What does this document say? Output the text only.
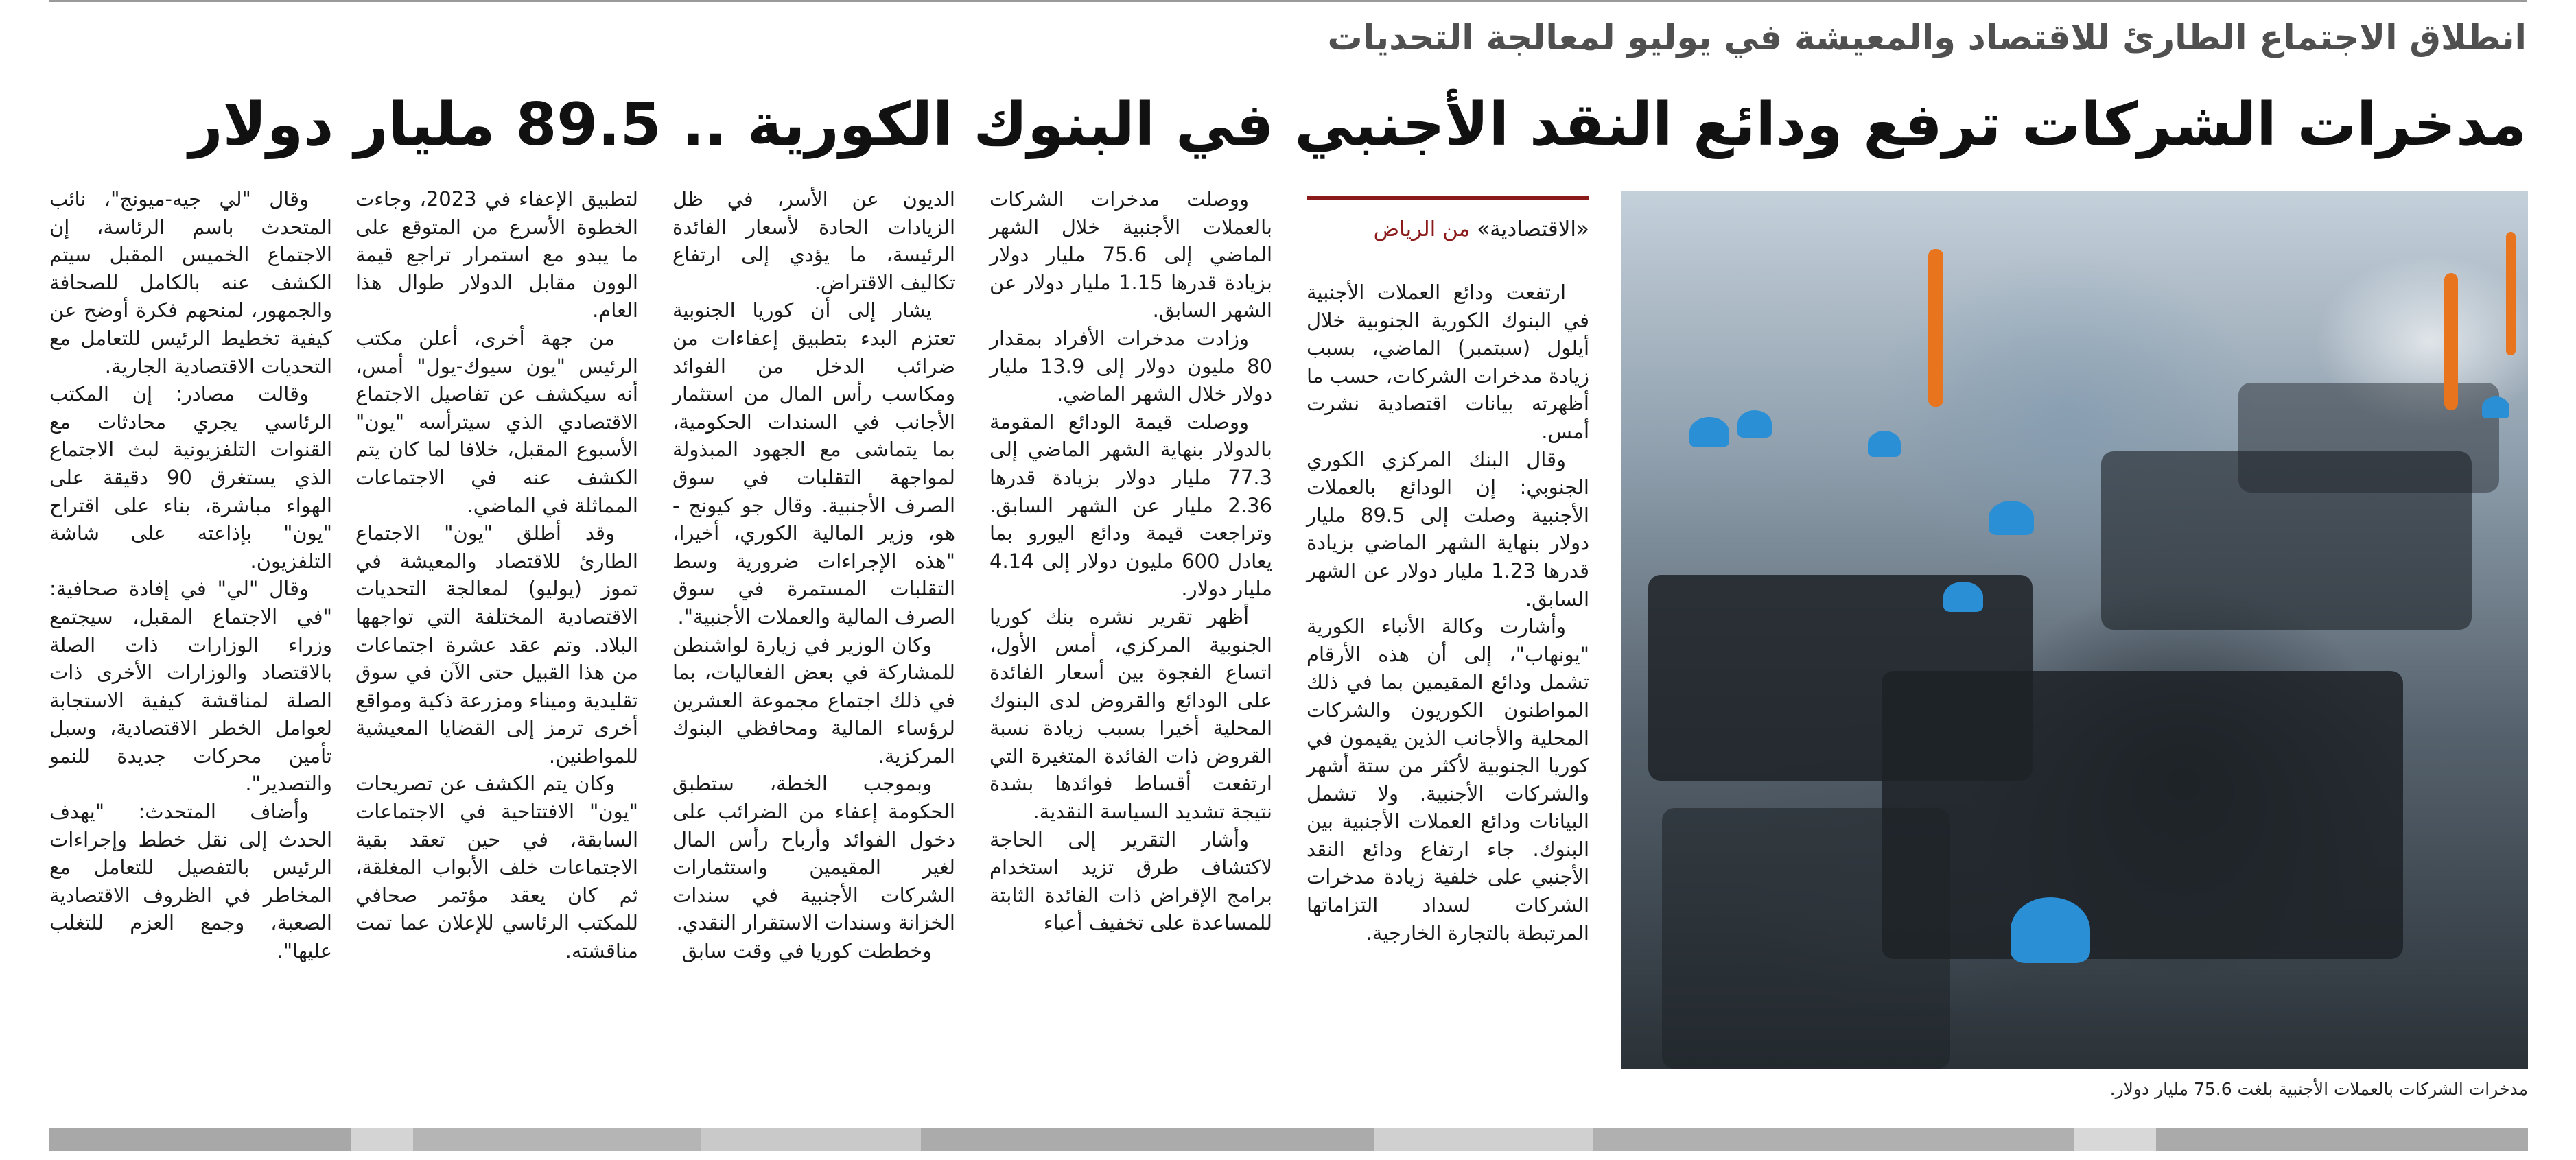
انطلاق الاجتماع الطارئ للاقتصاد والمعيشة في يوليو لمعالجة التحديات
مدخرات الشركات ترفع ودائع النقد الأجنبي في البنوك الكورية .. 89.5 مليار دولار
مدخرات الشركات بالعملات الأجنبية بلغت 75.6 مليار دولار.
«الاقتصادية» من الرياض

ارتفعت ودائع العملات الأجنبية في البنوك الكورية الجنوبية خلال أيلول (سبتمبر) الماضي، بسبب زيادة مدخرات الشركات، حسب ما أظهرته بيانات اقتصادية نشرت أمس.

وقال البنك المركزي الكوري الجنوبي: إن الودائع بالعملات الأجنبية وصلت إلى 89.5 مليار دولار بنهاية الشهر الماضي بزيادة قدرها 1.23 مليار دولار عن الشهر السابق.

وأشارت وكالة الأنباء الكورية "يونهاب"، إلى أن هذه الأرقام تشمل ودائع المقيمين بما في ذلك المواطنون الكوريون والشركات المحلية والأجانب الذين يقيمون في كوريا الجنوبية لأكثر من ستة أشهر والشركات الأجنبية. ولا تشمل البيانات ودائع العملات الأجنبية بين البنوك. جاء ارتفاع ودائع النقد الأجنبي على خلفية زيادة مدخرات الشركات لسداد التزاماتها المرتبطة بالتجارة الخارجية.

ووصلت مدخرات الشركات بالعملات الأجنبية خلال الشهر الماضي إلى 75.6 مليار دولار بزيادة قدرها 1.15 مليار دولار عن الشهر السابق.

وزادت مدخرات الأفراد بمقدار 80 مليون دولار إلى 13.9 مليار دولار خلال الشهر الماضي.

ووصلت قيمة الودائع المقومة بالدولار بنهاية الشهر الماضي إلى 77.3 مليار دولار بزيادة قدرها 2.36 مليار عن الشهر السابق. وتراجعت قيمة ودائع اليورو بما يعادل 600 مليون دولار إلى 4.14 مليار دولار.

أظهر تقرير نشره بنك كوريا الجنوبية المركزي، أمس الأول، اتساع الفجوة بين أسعار الفائدة على الودائع والقروض لدى البنوك المحلية أخيرا بسبب زيادة نسبة القروض ذات الفائدة المتغيرة التي ارتفعت أقساط فوائدها بشدة نتيجة تشديد السياسة النقدية.

وأشار التقرير إلى الحاجة لاكتشاف طرق تزيد استخدام برامج الإقراض ذات الفائدة الثابتة للمساعدة على تخفيف أعباء

الديون عن الأسر، في ظل الزيادات الحادة لأسعار الفائدة الرئيسة، ما يؤدي إلى ارتفاع تكاليف الاقتراض.

يشار إلى أن كوريا الجنوبية تعتزم البدء بتطبيق إعفاءات من ضرائب الدخل من الفوائد ومكاسب رأس المال من استثمار الأجانب في السندات الحكومية، بما يتماشى مع الجهود المبذولة لمواجهة التقلبات في سوق الصرف الأجنبية. وقال جو كيونج - هو، وزير المالية الكوري، أخيرا، "هذه الإجراءات ضرورية وسط التقلبات المستمرة في سوق الصرف المالية والعملات الأجنبية".

وكان الوزير في زيارة لواشنطن للمشاركة في بعض الفعاليات، بما في ذلك اجتماع مجموعة العشرين لرؤساء المالية ومحافظي البنوك المركزية.

وبموجب الخطة، ستطبق الحكومة إعفاء من الضرائب على دخول الفوائد وأرباح رأس المال لغير المقيمين واستثمارات الشركات الأجنبية في سندات الخزانة وسندات الاستقرار النقدي.

وخططت كوريا في وقت سابق

لتطبيق الإعفاء في 2023، وجاءت الخطوة الأسرع من المتوقع على ما يبدو مع استمرار تراجع قيمة الوون مقابل الدولار طوال هذا العام.

من جهة أخرى، أعلن مكتب الرئيس "يون سيوك-يول" أمس، أنه سيكشف عن تفاصيل الاجتماع الاقتصادي الذي سيترأسه "يون" الأسبوع المقبل، خلافا لما كان يتم الكشف عنه في الاجتماعات المماثلة في الماضي.

وقد أطلق "يون" الاجتماع الطارئ للاقتصاد والمعيشة في تموز (يوليو) لمعالجة التحديات الاقتصادية المختلفة التي تواجهها البلاد. وتم عقد عشرة اجتماعات من هذا القبيل حتى الآن في سوق تقليدية وميناء ومزرعة ذكية ومواقع أخرى ترمز إلى القضايا المعيشية للمواطنين.

وكان يتم الكشف عن تصريحات "يون" الافتتاحية في الاجتماعات السابقة، في حين تعقد بقية الاجتماعات خلف الأبواب المغلقة، ثم كان يعقد مؤتمر صحافي للمكتب الرئاسي للإعلان عما تمت مناقشته.

وقال "لي جيه-ميونج"، نائب المتحدث باسم الرئاسة، إن الاجتماع الخميس المقبل سيتم الكشف عنه بالكامل للصحافة والجمهور، لمنحهم فكرة أوضح عن كيفية تخطيط الرئيس للتعامل مع التحديات الاقتصادية الجارية.

وقالت مصادر: إن المكتب الرئاسي يجري محادثات مع القنوات التلفزيونية لبث الاجتماع الذي يستغرق 90 دقيقة على الهواء مباشرة، بناء على اقتراح "يون" بإذاعته على شاشة التلفزيون.

وقال "لي" في إفادة صحافية: "في الاجتماع المقبل، سيجتمع وزراء الوزارات ذات الصلة بالاقتصاد والوزارات الأخرى ذات الصلة لمناقشة كيفية الاستجابة لعوامل الخطر الاقتصادية، وسبل تأمين محركات جديدة للنمو والتصدير".

وأضاف المتحدث: "يهدف الحدث إلى نقل خطط وإجراءات الرئيس بالتفصيل للتعامل مع المخاطر في الظروف الاقتصادية الصعبة، وجمع العزم للتغلب عليها".
